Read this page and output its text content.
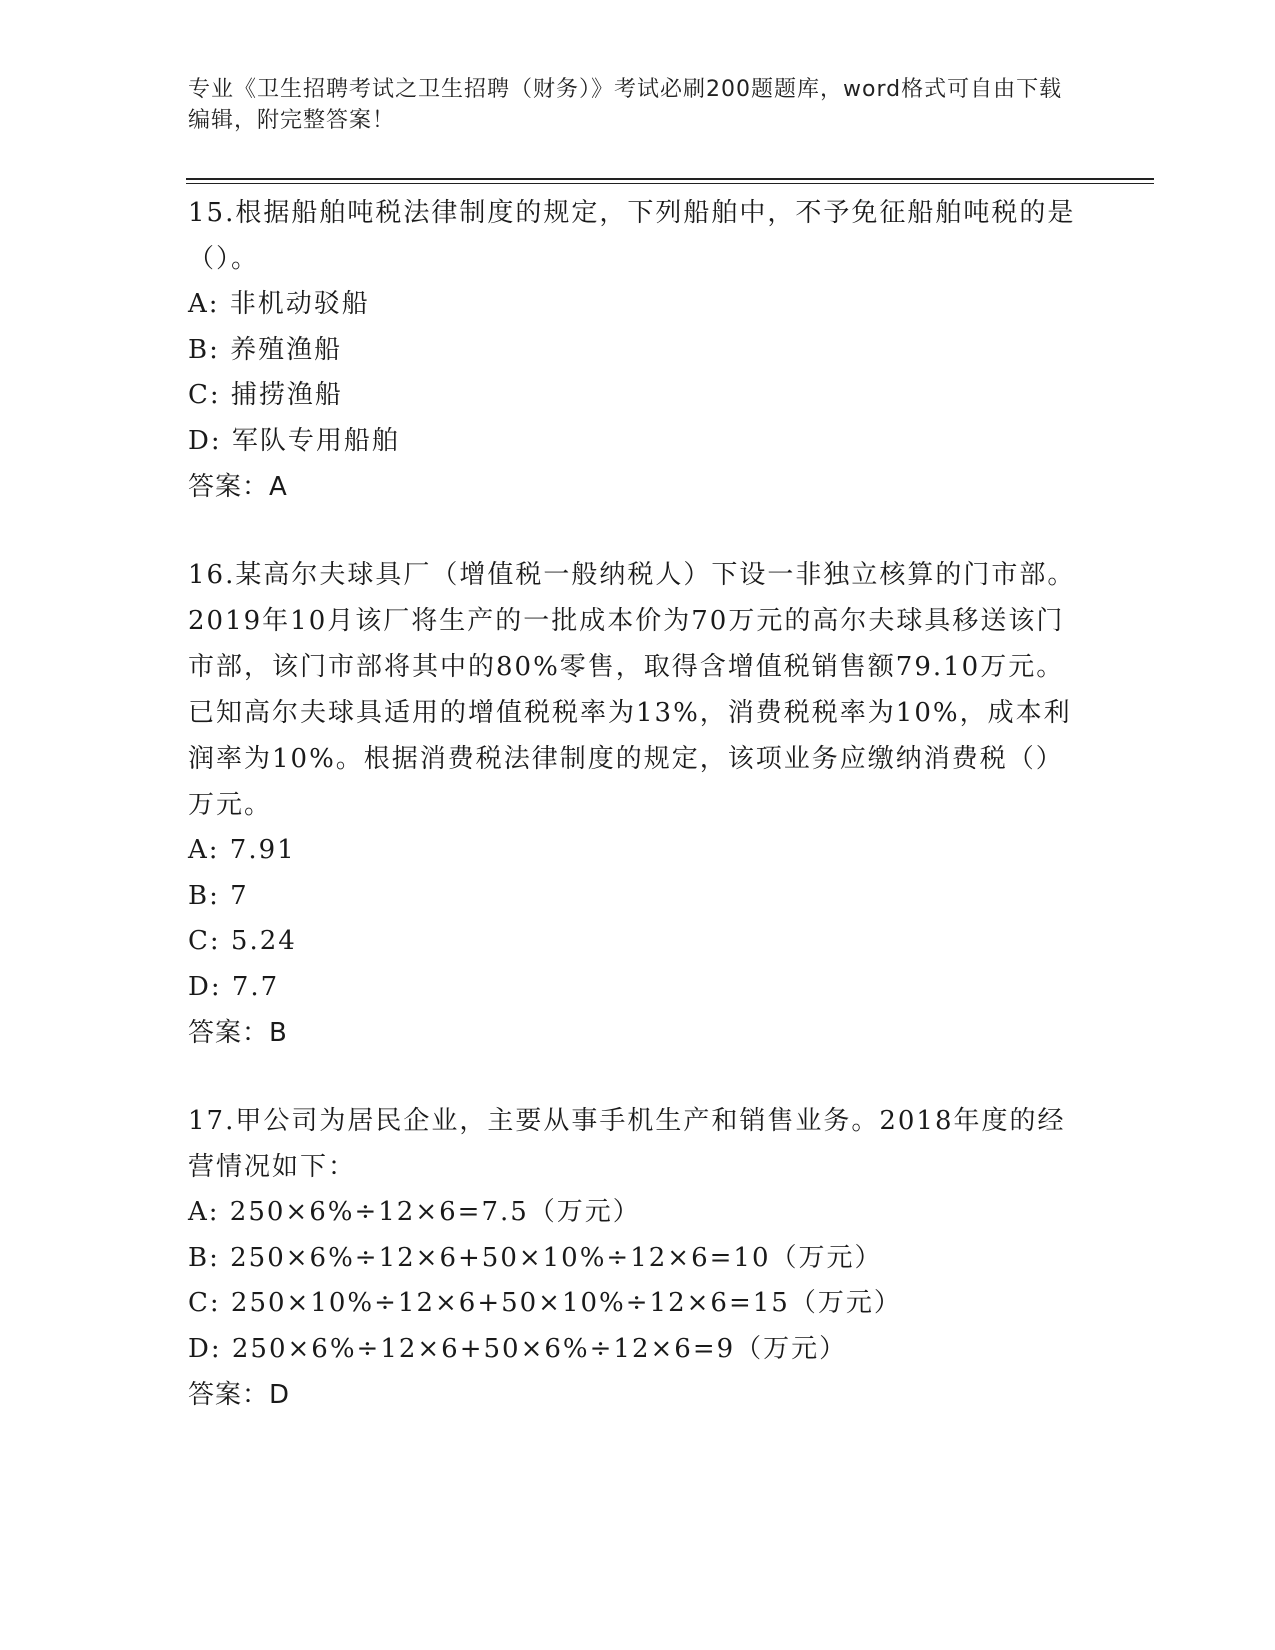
专业《卫生招聘考试之卫生招聘（财务）》考试必刷200题题库，word格式可自由下载编辑，附完整答案！

15.根据船舶吨税法律制度的规定，下列船舶中，不予免征船舶吨税的是（）。

A: 非机动驳船

B: 养殖渔船

C: 捕捞渔船

D: 军队专用船舶

答案：A

16.某高尔夫球具厂（增值税一般纳税人）下设一非独立核算的门市部。2019年10月该厂将生产的一批成本价为70万元的高尔夫球具移送该门市部，该门市部将其中的80%零售，取得含增值税销售额79.10万元。已知高尔夫球具适用的增值税税率为13%，消费税税率为10%，成本利润率为10%。根据消费税法律制度的规定，该项业务应缴纳消费税（）万元。

A: 7.91

B: 7

C: 5.24

D: 7.7

答案：B

17.甲公司为居民企业，主要从事手机生产和销售业务。2018年度的经营情况如下：

A: 250×6%÷12×6=7.5（万元）

B: 250×6%÷12×6+50×10%÷12×6=10（万元）

C: 250×10%÷12×6+50×10%÷12×6=15（万元）

D: 250×6%÷12×6+50×6%÷12×6=9（万元）

答案：D
